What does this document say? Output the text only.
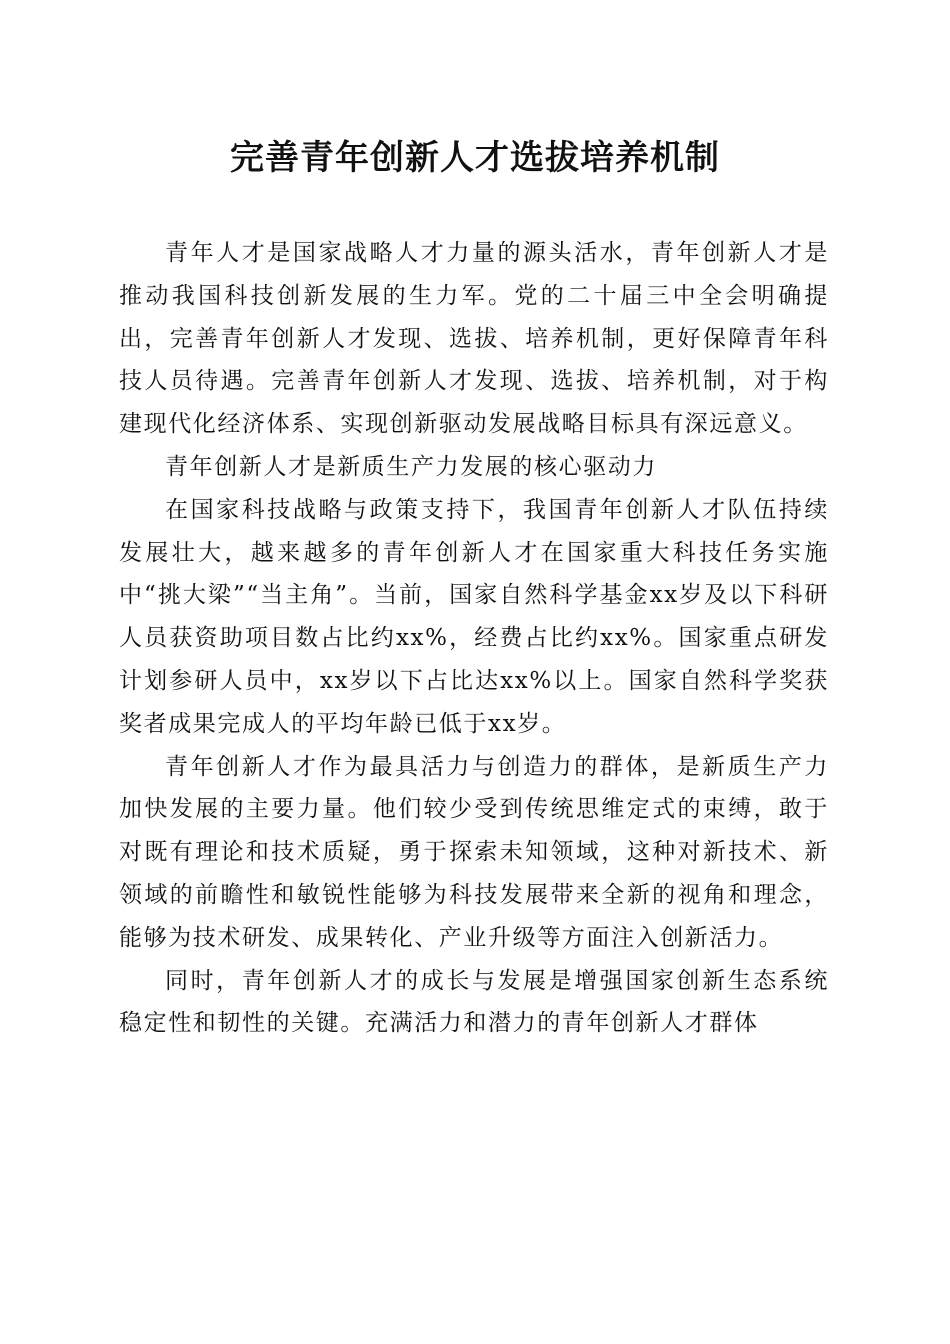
完善青年创新人才选拔培养机制

青年人才是国家战略人才力量的源头活水，青年创新人才是推动我国科技创新发展的生力军。党的二十届三中全会明确提出，完善青年创新人才发现、选拔、培养机制，更好保障青年科技人员待遇。完善青年创新人才发现、选拔、培养机制，对于构建现代化经济体系、实现创新驱动发展战略目标具有深远意义。

青年创新人才是新质生产力发展的核心驱动力

在国家科技战略与政策支持下，我国青年创新人才队伍持续发展壮大，越来越多的青年创新人才在国家重大科技任务实施中“挑大梁”“当主角”。当前，国家自然科学基金xx岁及以下科研人员获资助项目数占比约xx%，经费占比约xx%。国家重点研发计划参研人员中，xx岁以下占比达xx%以上。国家自然科学奖获奖者成果完成人的平均年龄已低于xx岁。

青年创新人才作为最具活力与创造力的群体，是新质生产力加快发展的主要力量。他们较少受到传统思维定式的束缚，敢于对既有理论和技术质疑，勇于探索未知领域，这种对新技术、新领域的前瞻性和敏锐性能够为科技发展带来全新的视角和理念，能够为技术研发、成果转化、产业升级等方面注入创新活力。

同时，青年创新人才的成长与发展是增强国家创新生态系统稳定性和韧性的关键。充满活力和潜力的青年创新人才群体
